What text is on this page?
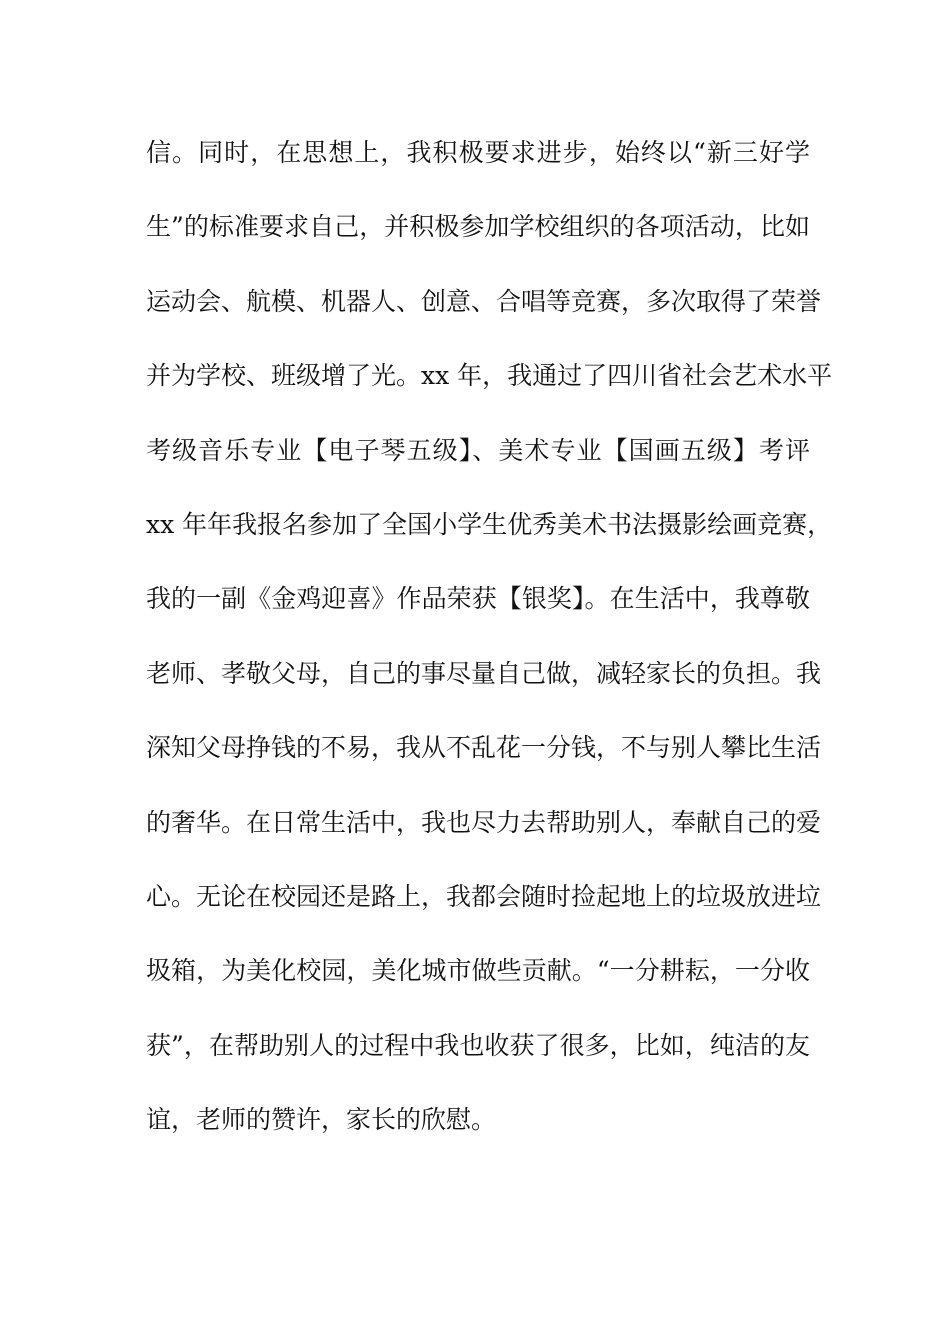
信。同时，在思想上，我积极要求进步，始终以“新三好学
生”的标准要求自己，并积极参加学校组织的各项活动，比如
运动会、航模、机器人、创意、合唱等竞赛，多次取得了荣誉
并为学校、班级增了光。xx 年，我通过了四川省社会艺术水平
考级音乐专业【电子琴五级】、美术专业【国画五级】考评
xx 年年我报名参加了全国小学生优秀美术书法摄影绘画竞赛，
我的一副《金鸡迎喜》作品荣获【银奖】。在生活中，我尊敬
老师、孝敬父母，自己的事尽量自己做，减轻家长的负担。我
深知父母挣钱的不易，我从不乱花一分钱，不与别人攀比生活
的奢华。在日常生活中，我也尽力去帮助别人，奉献自己的爱
心。无论在校园还是路上，我都会随时捡起地上的垃圾放进垃
圾箱，为美化校园，美化城市做些贡献。“一分耕耘，一分收
获”，在帮助别人的过程中我也收获了很多，比如，纯洁的友
谊，老师的赞许，家长的欣慰。
